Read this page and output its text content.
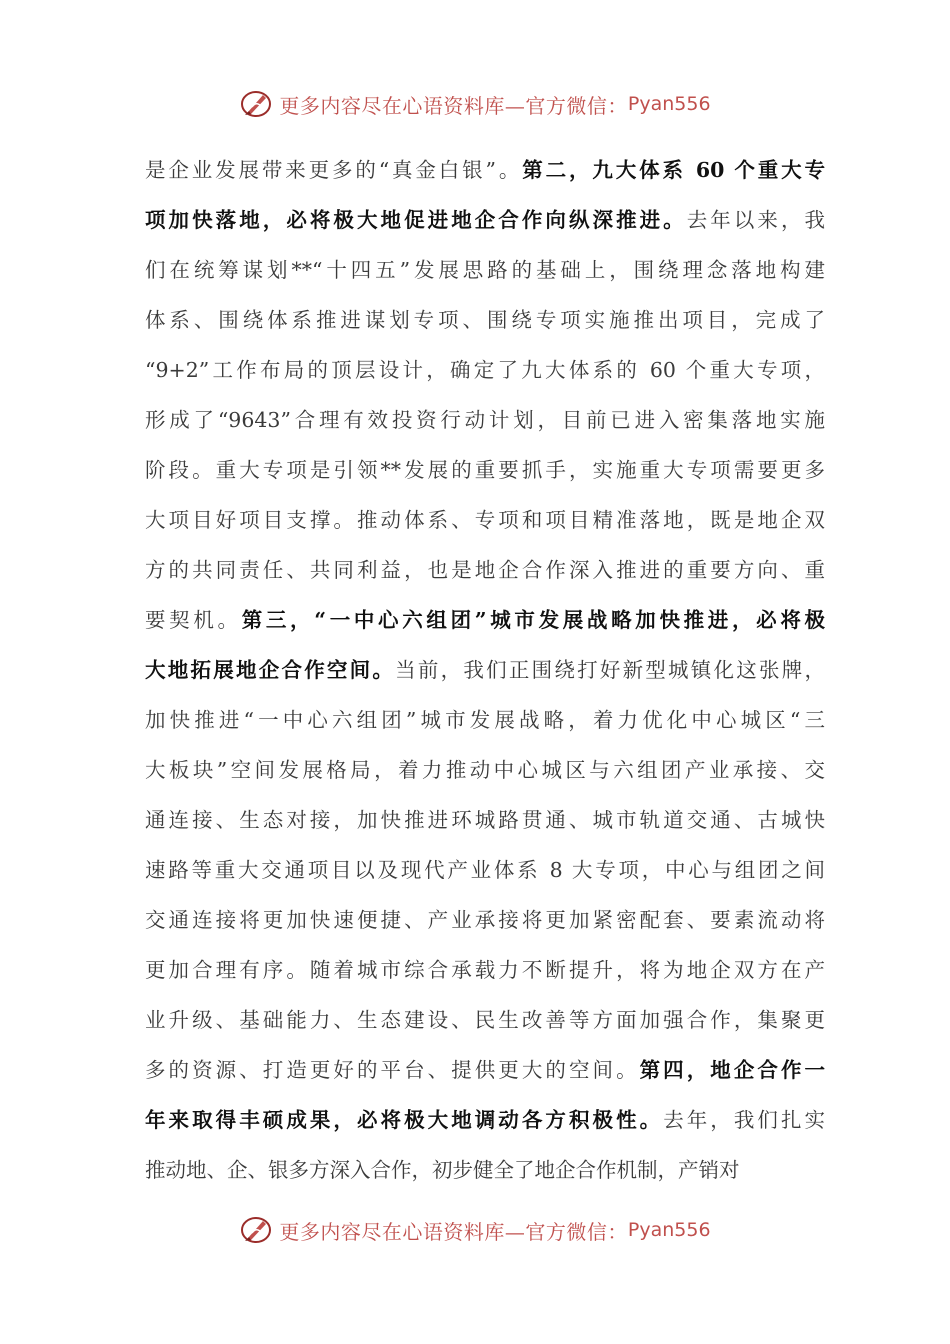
更多内容尽在心语资料库—官方微信： Pyan556
是企业发展带来更多的“真金白银”。第二，九大体系 60 个重大专
项加快落地，必将极大地促进地企合作向纵深推进。去年以来，我
们在统筹谋划**“十四五”发展思路的基础上，围绕理念落地构建
体系、围绕体系推进谋划专项、围绕专项实施推出项目，完成了
“9+2”工作布局的顶层设计，确定了九大体系的 60 个重大专项，
形成了“9643”合理有效投资行动计划，目前已进入密集落地实施
阶段。重大专项是引领**发展的重要抓手，实施重大专项需要更多
大项目好项目支撑。推动体系、专项和项目精准落地，既是地企双
方的共同责任、共同利益，也是地企合作深入推进的重要方向、重
要契机。第三，“一中心六组团”城市发展战略加快推进，必将极
大地拓展地企合作空间。当前，我们正围绕打好新型城镇化这张牌，
加快推进“一中心六组团”城市发展战略，着力优化中心城区“三
大板块”空间发展格局，着力推动中心城区与六组团产业承接、交
通连接、生态对接，加快推进环城路贯通、城市轨道交通、古城快
速路等重大交通项目以及现代产业体系 8 大专项，中心与组团之间
交通连接将更加快速便捷、产业承接将更加紧密配套、要素流动将
更加合理有序。随着城市综合承载力不断提升，将为地企双方在产
业升级、基础能力、生态建设、民生改善等方面加强合作，集聚更
多的资源、打造更好的平台、提供更大的空间。第四，地企合作一
年来取得丰硕成果，必将极大地调动各方积极性。去年，我们扎实
推动地、企、银多方深入合作，初步健全了地企合作机制，产销对
更多内容尽在心语资料库—官方微信： Pyan556
